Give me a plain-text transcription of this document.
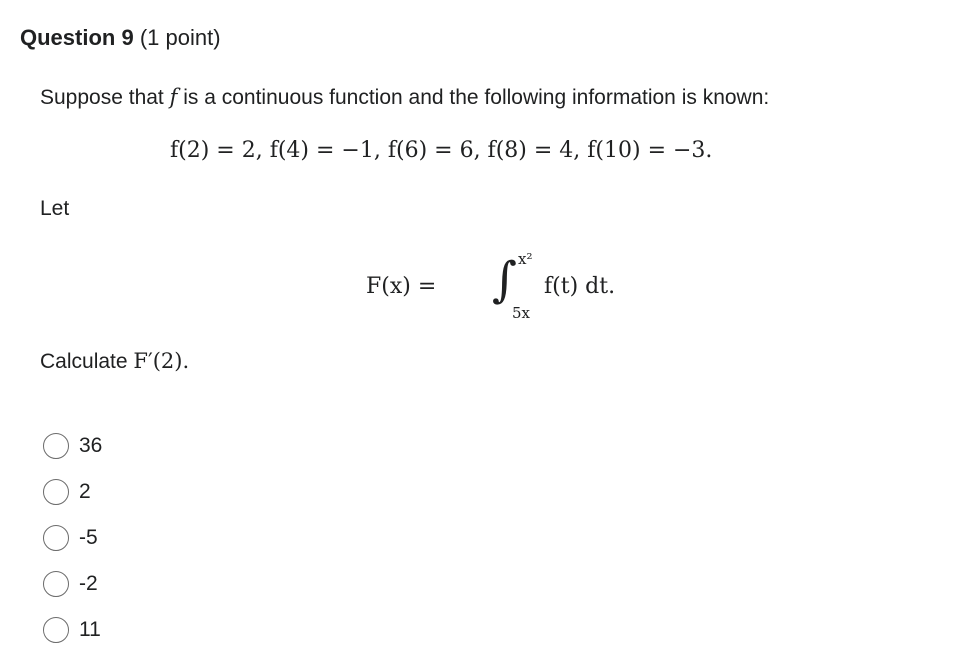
Question 9 (1 point)
Suppose that f is a continuous function and the following information is known:
f(2) = 2, f(4) = −1, f(6) = 6, f(8) = 4, f(10) = −3.
Let
F(x) = ∫ x²
5x
f(t) dt.
Calculate F′(2).
36
2
-5
-2
11
